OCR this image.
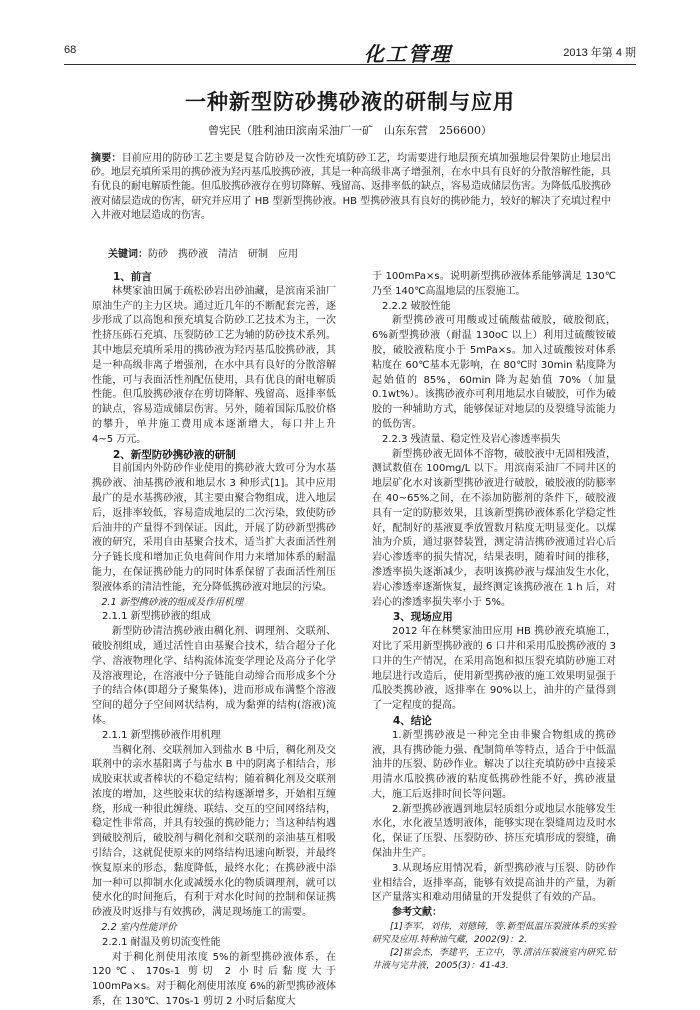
68	化工管理	2013 年第 4 期
一种新型防砂携砂液的研制与应用
曾宪民（胜利油田滨南采油厂一矿　山东东营　256600）
摘要：目前应用的防砂工艺主要是复合防砂及一次性充填防砂工艺，均需要进行地层预充填加强地层骨架防止地层出砂。地层充填所采用的携砂液为羟丙基瓜胶携砂液，其是一种高级非离子增强剂，在水中具有良好的分散溶解性能，具有优良的耐电解质性能。但瓜胶携砂液存在剪切降解、残留高、返排率低的缺点，容易造成储层伤害。为降低瓜胶携砂液对储层造成的伤害，研究并应用了 HB 型新型携砂液。HB 型携砂液具有良好的携砂能力，较好的解决了充填过程中入井液对地层造成的伤害。
关键词：防砂　携砂液　清洁　研制　应用

1、前言

林樊家油田属于疏松砂岩出砂油藏，是滨南采油厂原油生产的主力区块。通过近几年的不断配套完善，逐步形成了以高饱和预充填复合防砂工艺技术为主，一次性挤压砾石充填、压裂防砂工艺为辅的防砂技术系列。其中地层充填所采用的携砂液为羟丙基瓜胶携砂液，其是一种高级非离子增强剂，在水中具有良好的分散溶解性能，可与表面活性剂配伍使用，具有优良的耐电解质性能。但瓜胶携砂液存在剪切降解、残留高、返排率低的缺点，容易造成储层伤害。另外，随着国际瓜胶价格的攀升，单井施工费用成本逐渐增大，每口井上升 4~5 万元。

2、新型防砂携砂液的研制

目前国内外防砂作业使用的携砂液大致可分为水基携砂液、油基携砂液和地层水 3 种形式[1]。其中应用最广的是水基携砂液，其主要由聚合物组成，进入地层后，返排率较低，容易造成地层的二次污染，致使防砂后油井的产量得不到保证。因此，开展了防砂新型携砂液的研究，采用自由基聚合技术，适当扩大表面活性剂分子链长度和增加正负电荷间作用力来增加体系的耐温能力，在保证携砂能力的同时体系保留了表面活性剂压裂液体系的清洁性能，充分降低携砂液对地层的污染。

2.1 新型携砂液的组成及作用机理

2.1.1 新型携砂液的组成

新型防砂清洁携砂液由稠化剂、调理剂、交联剂、破胶剂组成，通过活性自由基聚合技术，结合超分子化学、溶液物理化学、结构流体流变学理论及高分子化学及溶液理论，在溶液中分子链能自动缔合而形成多个分子的结合体(即超分子聚集体)，进而形成布满整个溶液空间的超分子空间网状结构，成为黏弹的结构(溶液)流体。

2.1.1 新型携砂液作用机理

当稠化剂、交联剂加入到盐水 B 中后，稠化剂及交联剂中的亲水基阳离子与盐水 B 中的阴离子相结合，形成胶束状或者棒状的不稳定结构；随着稠化剂及交联剂浓度的增加，这些胶束状的结构逐渐增多，开始相互缠绕，形成一种很此缠绕、联结、交互的空间网络结构，稳定性非常高，并具有较强的携砂能力；当这种结构遇到破胶剂后，破胶剂与稠化剂和交联剂的亲油基互相吸引结合，这就促使原来的网络结构迅速向断裂，并最终恢复原来的形态，黏度降低，最终水化；在携砂液中添加一种可以抑制水化或减缓水化的物质调理剂，就可以使水化的时间拖后，有利于对水化时间的控制和保证携砂液及时返排与有效携砂，满足现场施工的需要。

2.2 室内性能评价

2.2.1 耐温及剪切流变性能

对于稠化剂使用浓度 5%的新型携砂液体系，在 120℃、170s-1 剪切 2 小时后黏度大于 100mPa×s。对于稠化剂使用浓度 6%的新型携砂液体系，在 130℃、170s-1 剪切 2 小时后黏度大

于 100mPa×s。说明新型携砂液体系能够满足 130℃乃至 140℃高温地层的压裂施工。

2.2.2 破胶性能

新型携砂液可用酸或过硫酸盐破胶，破胶彻底，6%新型携砂液（耐温 130oC 以上）利用过硫酸铵破胶，破胶液粘度小于 5mPa×s。加入过硫酸铵对体系粘度在 60℃基本无影响，在 80℃时 30min 粘度降为起始值的 85%，60min 降为起始值 70%（加量 0.1wt%）。该携砂液亦可利用地层水自破胶，可作为破胶的一种辅助方式，能够保证对地层的及裂缝导流能力的低伤害。

2.2.3 残渣量、稳定性及岩心渗透率损失

新型携砂液无固体不溶物，破胶液中无固相残渣，测试数值在 100mg/L 以下。用滨南采油厂不同井区的地层矿化水对该新型携砂液进行破胶，破胶液的防膨率在 40~65%之间，在不添加防膨剂的条件下，破胶液具有一定的防膨效果，且该新型携砂液体系化学稳定性好，配制好的基液夏季放置数月粘度无明显变化。以煤油为介质，通过驱替装置，测定清洁携砂液通过岩心后岩心渗透率的损失情况，结果表明，随着时间的推移，渗透率损失逐渐减少，表明该携砂液与煤油发生水化，岩心渗透率逐渐恢复，最终测定该携砂液在 1 h 后，对岩心的渗透率损失率小于 5%。

3、现场应用

2012 年在林樊家油田应用 HB 携砂液充填施工，对比了采用新型携砂液的 6 口井和采用瓜胶携砂液的 3 口井的生产情况，在采用高饱和拟压裂充填防砂施工对地层进行改造后，使用新型携砂液的施工效果明显强于瓜胶类携砂液，返排率在 90%以上，油井的产量得到了一定程度的提高。

4、结论

1.新型携砂液是一种完全由非聚合物组成的携砂液，具有携砂能力强、配制简单等特点，适合于中低温油井的压裂、防砂作业。解决了以往充填防砂中直接采用清水瓜胶携砂液的粘度低携砂性能不好，携砂液量大，施工后返排时间长等问题。

2.新型携砂液遇到地层轻质组分或地层水能够发生水化，水化液呈透明液体，能够实现在裂缝周边及时水化，保证了压裂、压裂防砂、挤压充填形成的裂缝，确保油井生产。

3.从现场应用情况看，新型携砂液与压裂、防砂作业相结合，返排率高，能够有效提高油井的产量，为新区产量落实和难动用储量的开发提供了有效的产品。

参考文献：

[1]李军，刘伟，刘德铸，等.新型低温压裂液体系的实验研究及应用.特种油气藏，2002(9)：2.

[2]崔会杰，李建平，王立中，等.清洁压裂液室内研究.钻井液与完井液，2005(3)：41-43.
